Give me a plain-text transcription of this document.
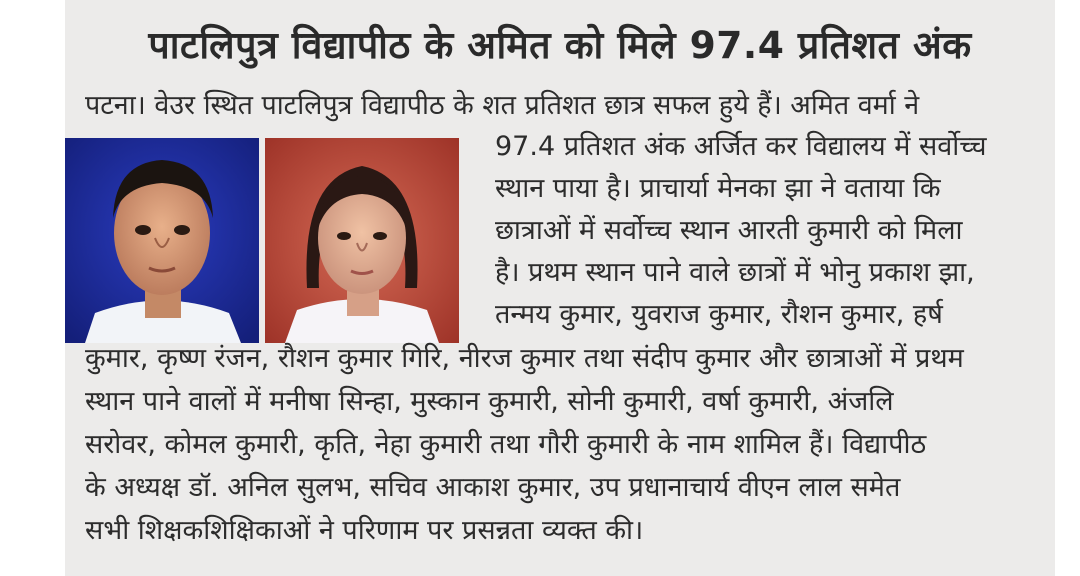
पाटलिपुत्र विद्यापीठ के अमित को मिले 97.4 प्रतिशत अंक
पटना। वेउर स्थित पाटलिपुत्र विद्यापीठ के शत प्रतिशत छात्र सफल हुये हैं। अमित वर्मा ने
97.4 प्रतिशत अंक अर्जित कर विद्यालय में सर्वोच्च
स्थान पाया है। प्राचार्या मेनका झा ने वताया कि
छात्राओं में सर्वोच्च स्थान आरती कुमारी को मिला
है। प्रथम स्थान पाने वाले छात्रों में भोनु प्रकाश झा,
तन्मय कुमार, युवराज कुमार, रौशन कुमार, हर्ष
कुमार, कृष्ण रंजन, रौशन कुमार गिरि, नीरज कुमार तथा संदीप कुमार और छात्राओं में प्रथम
स्थान पाने वालों में मनीषा सिन्हा, मुस्कान कुमारी, सोनी कुमारी, वर्षा कुमारी, अंजलि
सरोवर, कोमल कुमारी, कृति, नेहा कुमारी तथा गौरी कुमारी के नाम शामिल हैं। विद्यापीठ
के अध्यक्ष डॉ. अनिल सुलभ, सचिव आकाश कुमार, उप प्रधानाचार्य वीएन लाल समेत
सभी शिक्षकशिक्षिकाओं ने परिणाम पर प्रसन्नता व्यक्त की।
